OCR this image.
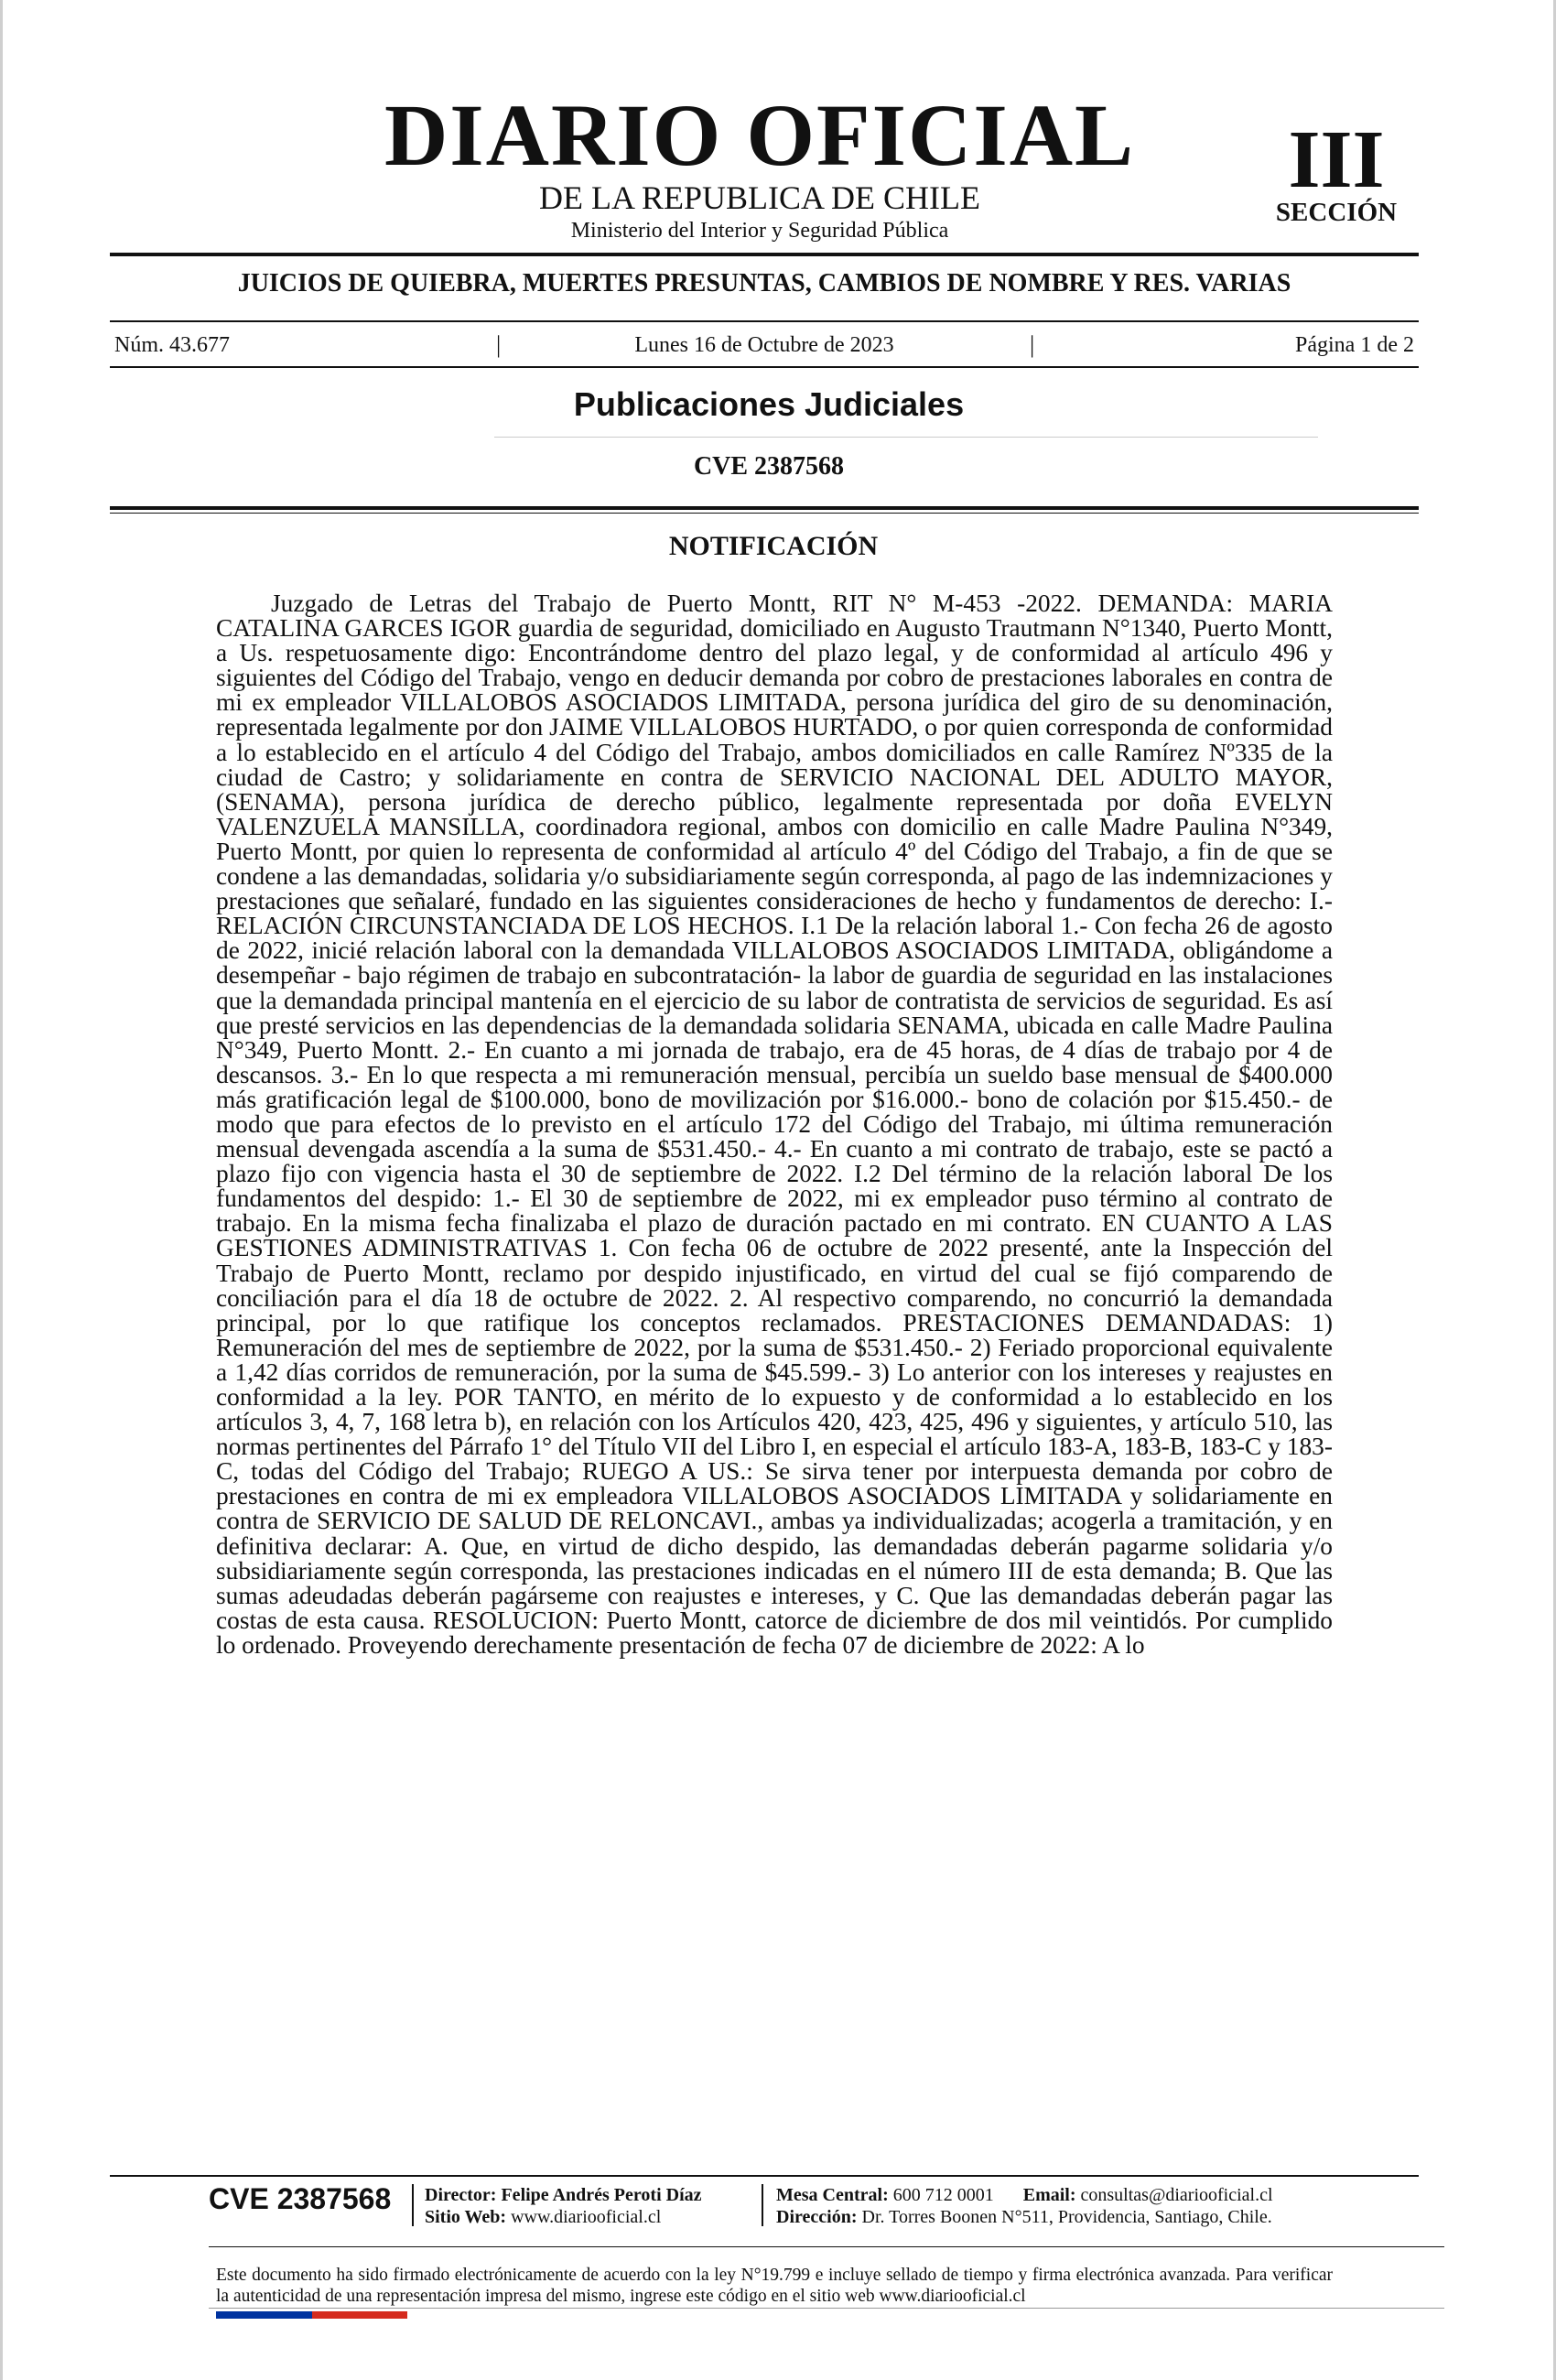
DIARIO OFICIAL
DE LA REPUBLICA DE CHILE
Ministerio del Interior y Seguridad Pública
III
SECCIÓN
JUICIOS DE QUIEBRA, MUERTES PRESUNTAS, CAMBIOS DE NOMBRE Y RES. VARIAS
Núm. 43.677	|	Lunes 16 de Octubre de 2023	|	Página 1 de 2
Publicaciones Judiciales
CVE 2387568
NOTIFICACIÓN

Juzgado de Letras del Trabajo de Puerto Montt, RIT N° M-453 -2022. DEMANDA: MARIA CATALINA GARCES IGOR guardia de seguridad, domiciliado en Augusto Trautmann N°1340, Puerto Montt, a Us. respetuosamente digo: Encontrándome dentro del plazo legal, y de conformidad al artículo 496 y siguientes del Código del Trabajo, vengo en deducir demanda por cobro de prestaciones laborales en contra de mi ex empleador VILLALOBOS ASOCIADOS LIMITADA, persona jurídica del giro de su denominación, representada legalmente por don JAIME VILLALOBOS HURTADO, o por quien corresponda de conformidad a lo establecido en el artículo 4 del Código del Trabajo, ambos domiciliados en calle Ramírez Nº335 de la ciudad de Castro; y solidariamente en contra de SERVICIO NACIONAL DEL ADULTO MAYOR, (SENAMA), persona jurídica de derecho público, legalmente representada por doña EVELYN VALENZUELA MANSILLA, coordinadora regional, ambos con domicilio en calle Madre Paulina N°349, Puerto Montt, por quien lo representa de conformidad al artículo 4º del Código del Trabajo, a fin de que se condene a las demandadas, solidaria y/o subsidiariamente según corresponda, al pago de las indemnizaciones y prestaciones que señalaré, fundado en las siguientes consideraciones de hecho y fundamentos de derecho: I.- RELACIÓN CIRCUNSTANCIADA DE LOS HECHOS. I.1 De la relación laboral 1.- Con fecha 26 de agosto de 2022, inicié relación laboral con la demandada VILLALOBOS ASOCIADOS LIMITADA, obligándome a desempeñar - bajo régimen de trabajo en subcontratación- la labor de guardia de seguridad en las instalaciones que la demandada principal mantenía en el ejercicio de su labor de contratista de servicios de seguridad. Es así que presté servicios en las dependencias de la demandada solidaria SENAMA, ubicada en calle Madre Paulina N°349, Puerto Montt. 2.- En cuanto a mi jornada de trabajo, era de 45 horas, de 4 días de trabajo por 4 de descansos. 3.- En lo que respecta a mi remuneración mensual, percibía un sueldo base mensual de $400.000 más gratificación legal de $100.000, bono de movilización por $16.000.- bono de colación por $15.450.- de modo que para efectos de lo previsto en el artículo 172 del Código del Trabajo, mi última remuneración mensual devengada ascendía a la suma de $531.450.- 4.- En cuanto a mi contrato de trabajo, este se pactó a plazo fijo con vigencia hasta el 30 de septiembre de 2022. I.2 Del término de la relación laboral De los fundamentos del despido: 1.- El 30 de septiembre de 2022, mi ex empleador puso término al contrato de trabajo. En la misma fecha finalizaba el plazo de duración pactado en mi contrato. EN CUANTO A LAS GESTIONES ADMINISTRATIVAS 1. Con fecha 06 de octubre de 2022 presenté, ante la Inspección del Trabajo de Puerto Montt, reclamo por despido injustificado, en virtud del cual se fijó comparendo de conciliación para el día 18 de octubre de 2022. 2. Al respectivo comparendo, no concurrió la demandada principal, por lo que ratifique los conceptos reclamados. PRESTACIONES DEMANDADAS: 1) Remuneración del mes de septiembre de 2022, por la suma de $531.450.- 2) Feriado proporcional equivalente a 1,42 días corridos de remuneración, por la suma de $45.599.- 3) Lo anterior con los intereses y reajustes en conformidad a la ley. POR TANTO, en mérito de lo expuesto y de conformidad a lo establecido en los artículos 3, 4, 7, 168 letra b), en relación con los Artículos 420, 423, 425, 496 y siguientes, y artículo 510, las normas pertinentes del Párrafo 1° del Título VII del Libro I, en especial el artículo 183-A, 183-B, 183-C y 183-C, todas del Código del Trabajo; RUEGO A US.: Se sirva tener por interpuesta demanda por cobro de prestaciones en contra de mi ex empleadora VILLALOBOS ASOCIADOS LIMITADA y solidariamente en contra de SERVICIO DE SALUD DE RELONCAVI., ambas ya individualizadas; acogerla a tramitación, y en definitiva declarar: A. Que, en virtud de dicho despido, las demandadas deberán pagarme solidaria y/o subsidiariamente según corresponda, las prestaciones indicadas en el número III de esta demanda; B. Que las sumas adeudadas deberán pagárseme con reajustes e intereses, y C. Que las demandadas deberán pagar las costas de esta causa. RESOLUCION: Puerto Montt, catorce de diciembre de dos mil veintidós. Por cumplido lo ordenado. Proveyendo derechamente presentación de fecha 07 de diciembre de 2022: A lo

CVE 2387568 Director: Felipe Andrés Peroti Díaz
Sitio Web: www.diariooficial.cl
Mesa Central: 600 712 0001 Email: consultas@diariooficial.cl
Dirección: Dr. Torres Boonen N°511, Providencia, Santiago, Chile.

Este documento ha sido firmado electrónicamente de acuerdo con la ley N°19.799 e incluye sellado de tiempo y firma electrónica avanzada. Para verificar la autenticidad de una representación impresa del mismo, ingrese este código en el sitio web www.diariooficial.cl
